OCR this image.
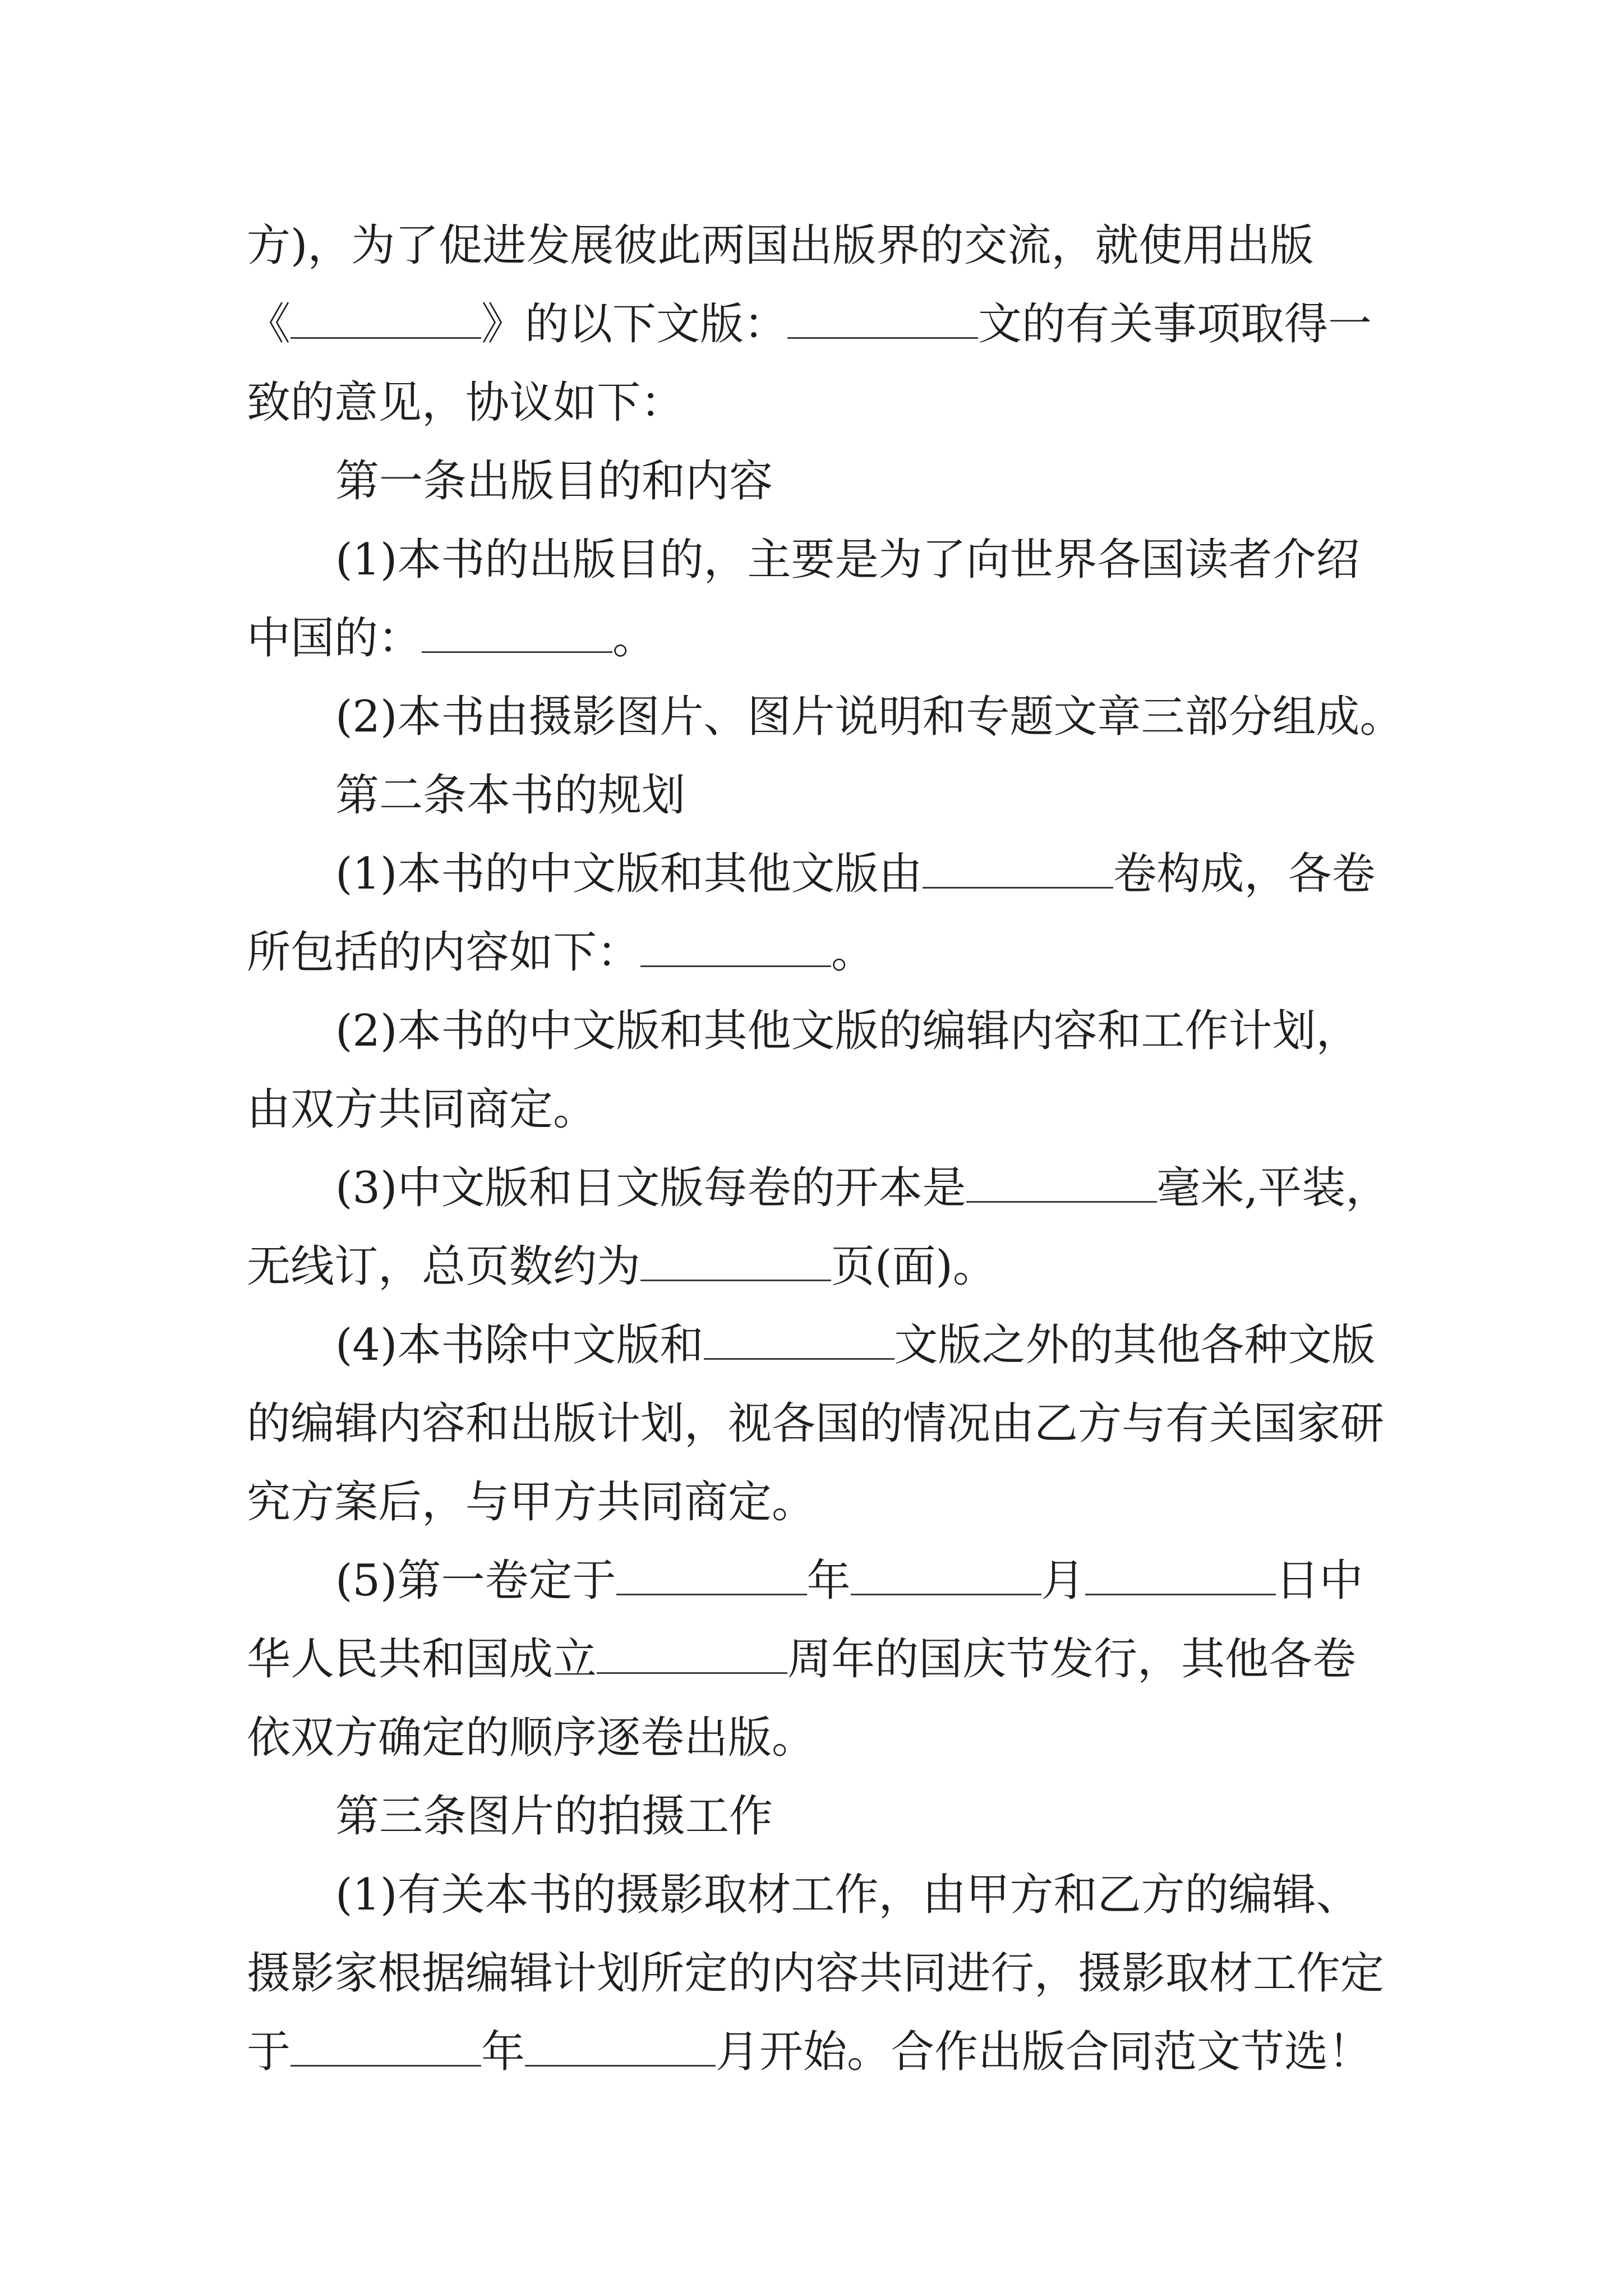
方)，为了促进发展彼此两国出版界的交流，就使用出版
《	》的以下文版：	文的有关事项取得一
致的意见，协议如下：
第一条出版目的和内容
(1)本书的出版目的，主要是为了向世界各国读者介绍
中国的：	。
(2)本书由摄影图片、图片说明和专题文章三部分组成。
第二条本书的规划
(1)本书的中文版和其他文版由	卷构成，各卷
所包括的内容如下：	。
(2)本书的中文版和其他文版的编辑内容和工作计划，
由双方共同商定。
(3)中文版和日文版每卷的开本是	毫米,平装，
无线订，总页数约为	页(面)。
(4)本书除中文版和	文版之外的其他各种文版
的编辑内容和出版计划，视各国的情况由乙方与有关国家研
究方案后，与甲方共同商定。
(5)第一卷定于	年	月	日中
华人民共和国成立	周年的国庆节发行，其他各卷
依双方确定的顺序逐卷出版。
第三条图片的拍摄工作
(1)有关本书的摄影取材工作，由甲方和乙方的编辑、
摄影家根据编辑计划所定的内容共同进行，摄影取材工作定
于	年	月开始。合作出版合同范文节选！
